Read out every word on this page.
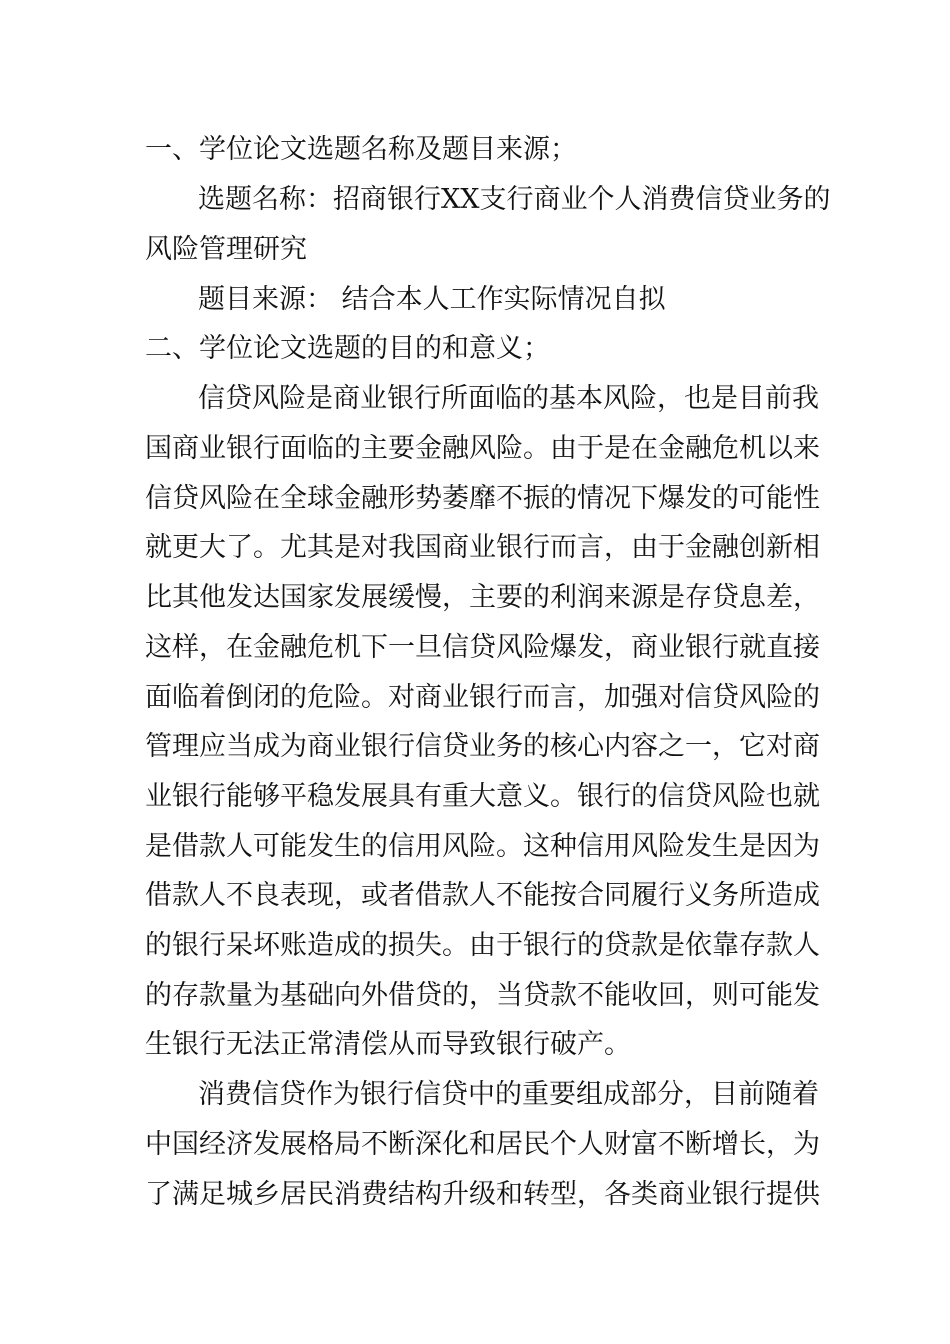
一、学位论文选题名称及题目来源；
选题名称：招商银行XX支行商业个人消费信贷业务的
风险管理研究
题目来源： 结合本人工作实际情况自拟
二、学位论文选题的目的和意义；
信贷风险是商业银行所面临的基本风险，也是目前我
国商业银行面临的主要金融风险。由于是在金融危机以来
信贷风险在全球金融形势萎靡不振的情况下爆发的可能性
就更大了。尤其是对我国商业银行而言，由于金融创新相
比其他发达国家发展缓慢，主要的利润来源是存贷息差，
这样，在金融危机下一旦信贷风险爆发，商业银行就直接
面临着倒闭的危险。对商业银行而言，加强对信贷风险的
管理应当成为商业银行信贷业务的核心内容之一，它对商
业银行能够平稳发展具有重大意义。银行的信贷风险也就
是借款人可能发生的信用风险。这种信用风险发生是因为
借款人不良表现，或者借款人不能按合同履行义务所造成
的银行呆坏账造成的损失。由于银行的贷款是依靠存款人
的存款量为基础向外借贷的，当贷款不能收回，则可能发
生银行无法正常清偿从而导致银行破产。
消费信贷作为银行信贷中的重要组成部分，目前随着
中国经济发展格局不断深化和居民个人财富不断增长，为
了满足城乡居民消费结构升级和转型，各类商业银行提供
